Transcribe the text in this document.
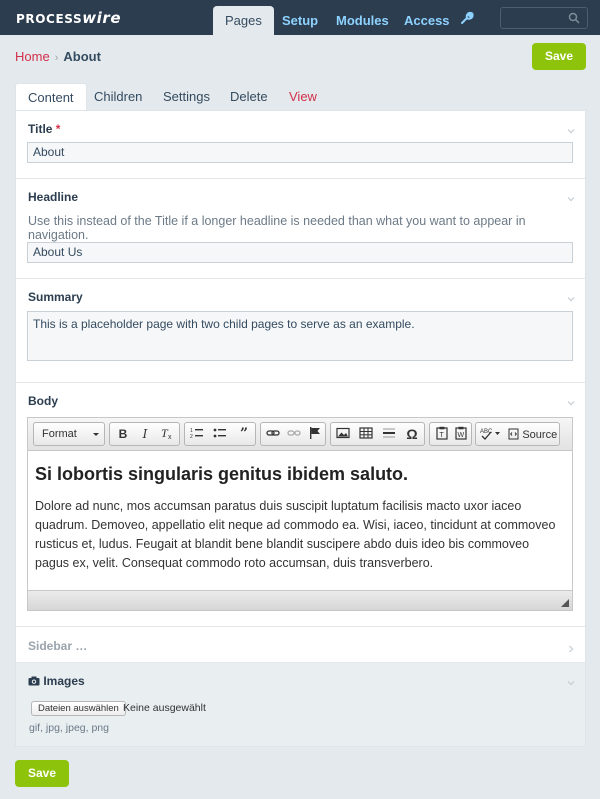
PROCESSwire	Pages	Setup	Modules	Access
Home › About	Save
Content	Children	Settings	Delete	View
Title *
About
Headline
Use this instead of the Title if a longer headline is needed than what you want to appear in navigation.
About Us
Summary
This is a placeholder page with two child pages to serve as an example.
Body
Format	B	I	T x
1
2	”	Ω	T W	ABC	Source
Si lobortis singularis genitus ibidem saluto.

Dolore ad nunc, mos accumsan paratus duis suscipit luptatum facilisis macto uxor iaceo quadrum. Demoveo, appellatio elit neque ad commodo ea. Wisi, iaceo, tincidunt at commoveo rusticus et, ludus. Feugait at blandit bene blandit suscipere abdo duis ideo bis commoveo pagus ex, velit. Consequat commodo roto accumsan, duis transverbero.

Sidebar …
Images
Dateien auswählen Keine ausgewählt
gif, jpg, jpeg, png
Save
